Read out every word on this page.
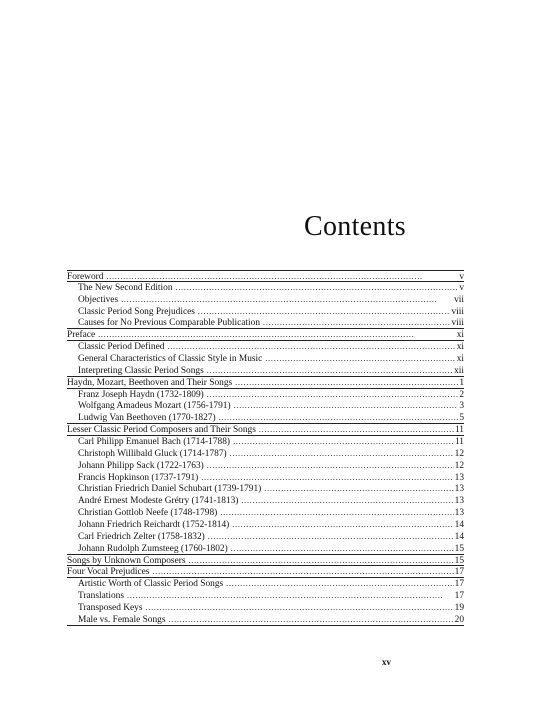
Contents
Foreword . . .	v
The New Second Edition . . .	v
Objectives . . .	vii
Classic Period Song Prejudices . . .	viii
Causes for No Previous Comparable Publication . . .	viii
Preface . . .	xi
Classic Period Defined . . .	xi
General Characteristics of Classic Style in Music . . .	xi
Interpreting Classic Period Songs . . .	xii
Haydn, Mozart, Beethoven and Their Songs . . .	1
Franz Joseph Haydn (1732-1809) . . .	2
Wolfgang Amadeus Mozart (1756-1791) . . .	3
Ludwig Van Beethoven (1770-1827) . . .	5
Lesser Classic Period Composers and Their Songs . . .	11
Carl Philipp Emanuel Bach (1714-1788) . . .	11
Christoph Willibald Gluck (1714-1787) . . .	12
Johann Philipp Sack (1722-1763) . . .	12
Francis Hopkinson (1737-1791) . . .	13
Christian Friedrich Daniel Schubart (1739-1791) . . .	13
André Ernest Modeste Grétry (1741-1813) . . .	13
Christian Gottlob Neefe (1748-1798) . . .	13
Johann Friedrich Reichardt (1752-1814) . . .	14
Carl Friedrich Zelter (1758-1832) . . .	14
Johann Rudolph Zumsteeg (1760-1802) . . .	15
Songs by Unknown Composers . . .	15
Four Vocal Prejudices . . .	17
Artistic Worth of Classic Period Songs . . .	17
Translations . . .	17
Transposed Keys . . .	19
Male vs. Female Songs . . .	20

xv
